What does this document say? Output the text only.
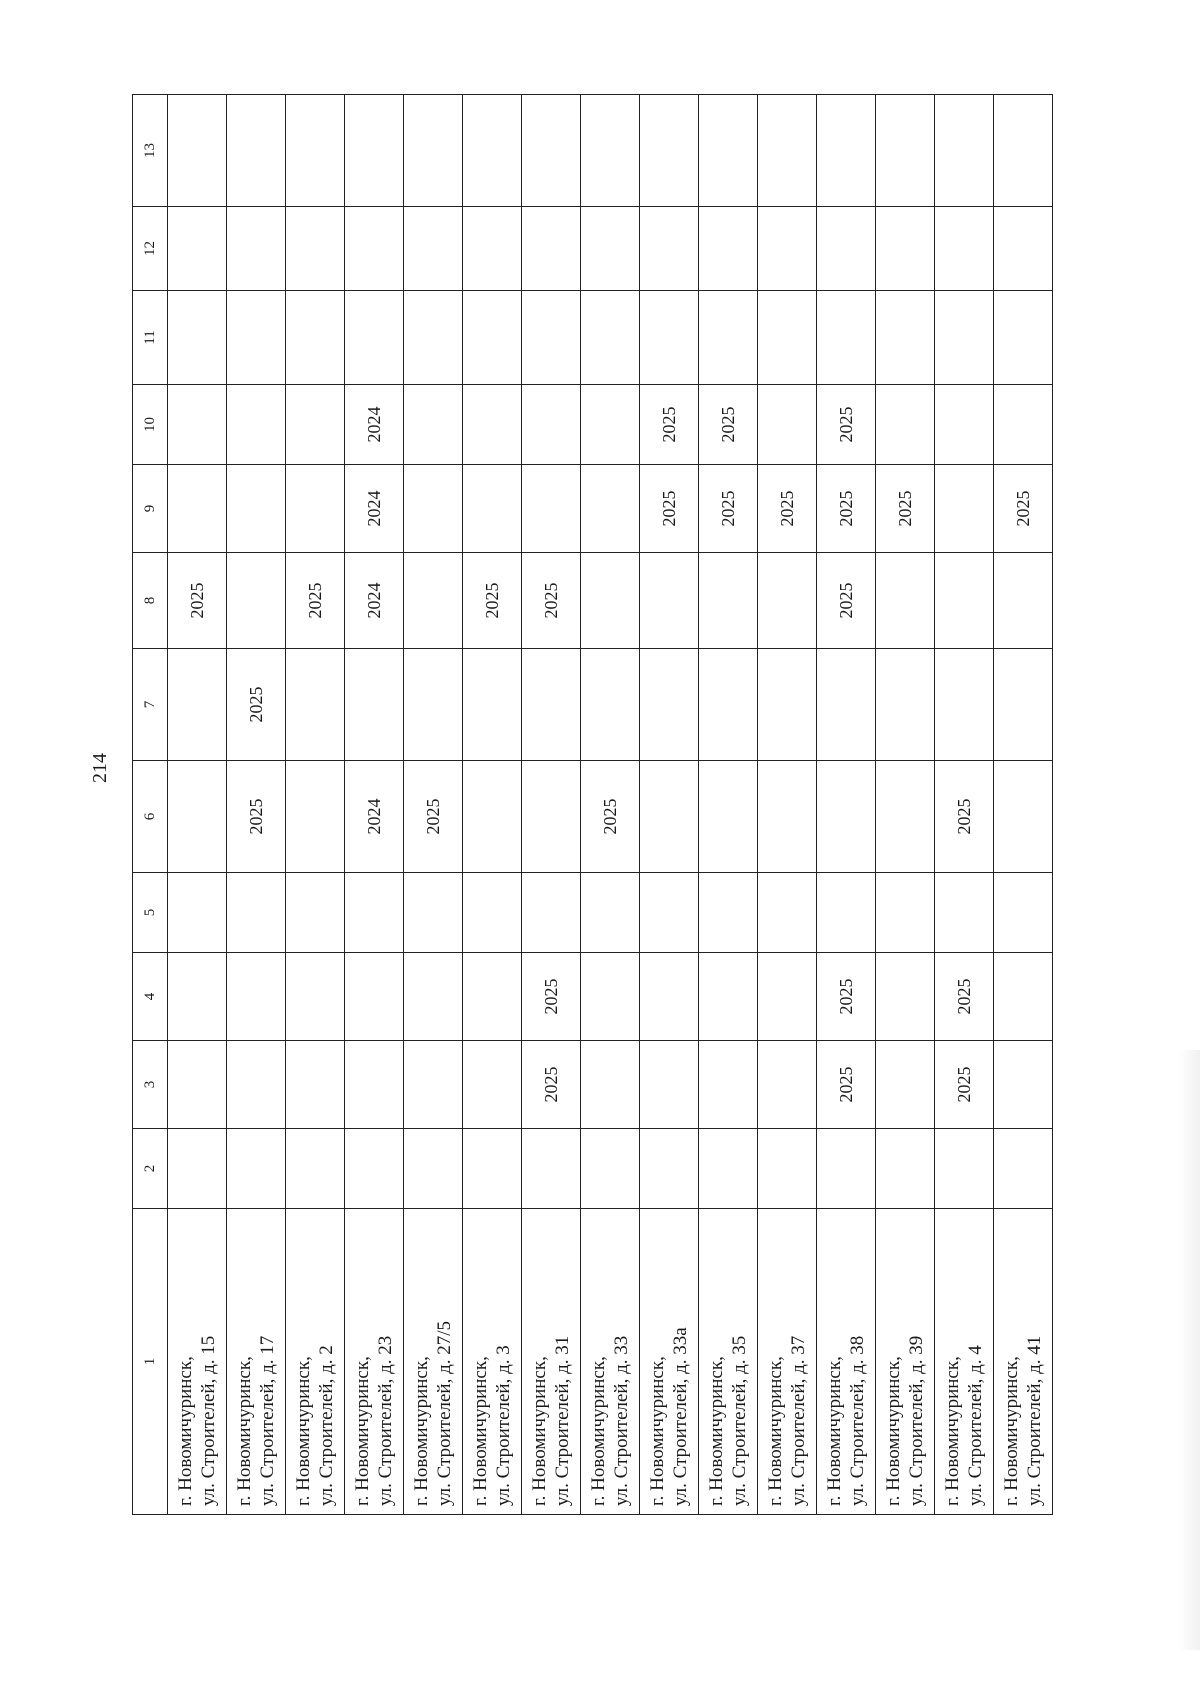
214
1	2	3	4	5	6	7	8	9	10	11	12	13

г. Новомичуринск, ул. Строителей, д. 15							2025					

г. Новомичуринск, ул. Строителей, д. 17					2025	2025						

г. Новомичуринск, ул. Строителей, д. 2							2025					

г. Новомичуринск, ул. Строителей, д. 23					2024		2024	2024	2024			

г. Новомичуринск, ул. Строителей, д. 27/5					2025							

г. Новомичуринск, ул. Строителей, д. 3							2025					

г. Новомичуринск, ул. Строителей, д. 31		2025	2025				2025					

г. Новомичуринск, ул. Строителей, д. 33					2025							

г. Новомичуринск, ул. Строителей, д. 33а								2025	2025			

г. Новомичуринск, ул. Строителей, д. 35								2025	2025			

г. Новомичуринск, ул. Строителей, д. 37								2025				

г. Новомичуринск, ул. Строителей, д. 38		2025	2025				2025	2025	2025			

г. Новомичуринск, ул. Строителей, д. 39								2025				

г. Новомичуринск, ул. Строителей, д. 4		2025	2025		2025							

г. Новомичуринск, ул. Строителей, д. 41								2025				
